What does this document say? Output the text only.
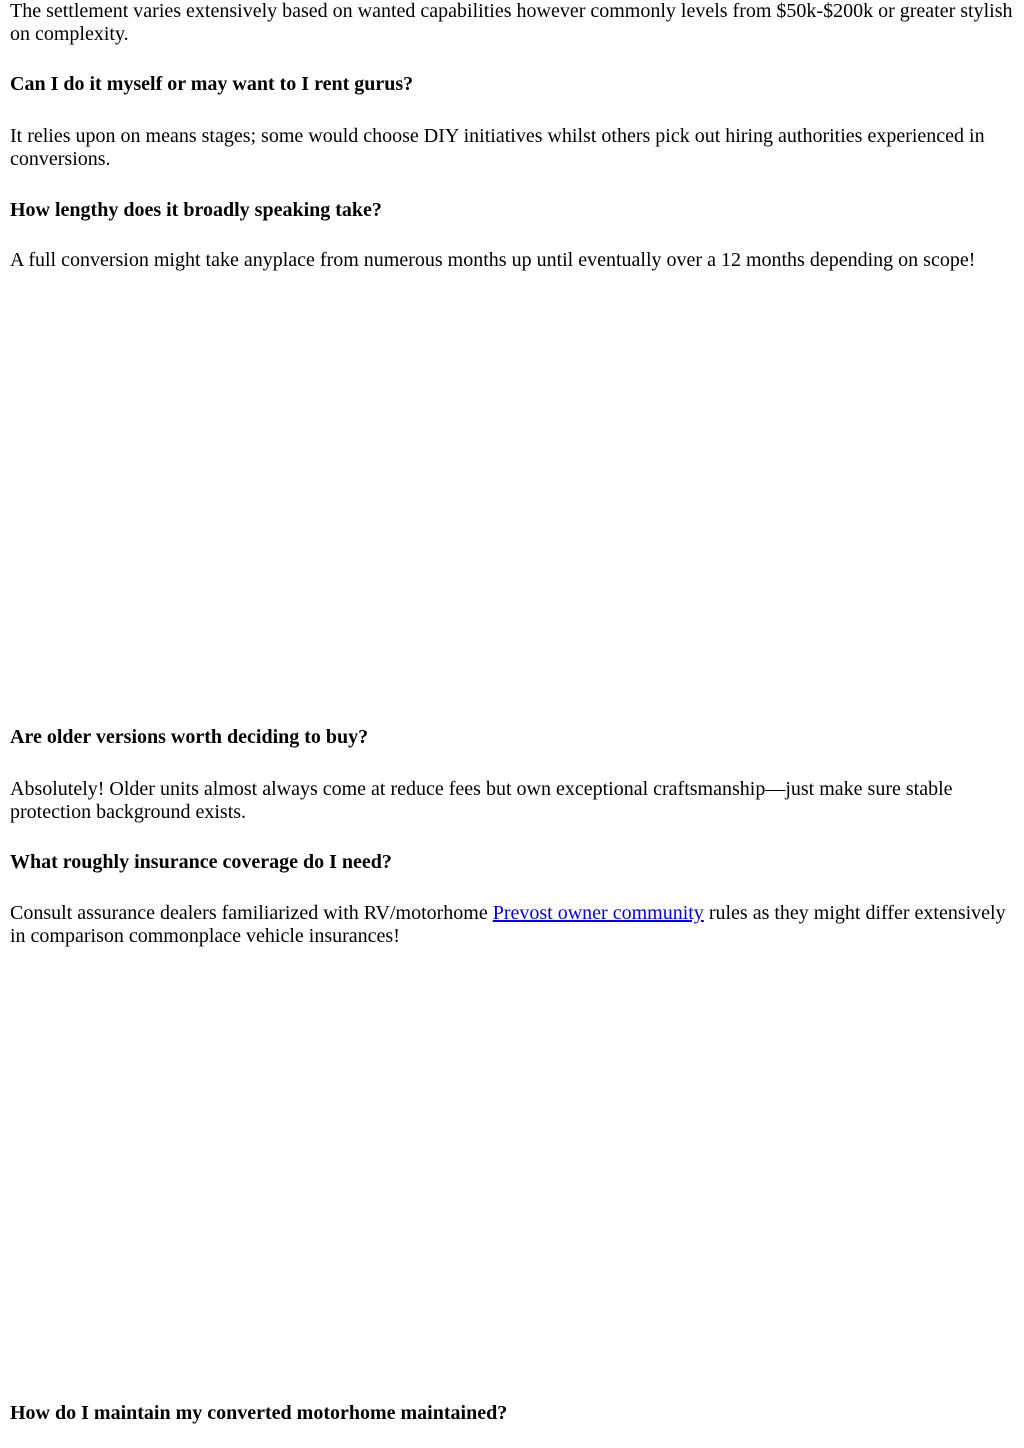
The settlement varies extensively based on wanted capabilities however commonly levels from $50k-$200k or greater stylish on complexity.

Can I do it myself or may want to I rent gurus?

It relies upon on means stages; some would choose DIY initiatives whilst others pick out hiring authorities experienced in conversions.

How lengthy does it broadly speaking take?

A full conversion might take anyplace from numerous months up until eventually over a 12 months depending on scope!

Are older versions worth deciding to buy?

Absolutely! Older units almost always come at reduce fees but own exceptional craftsmanship—just make sure stable protection background exists.

What roughly insurance coverage do I need?

Consult assurance dealers familiarized with RV/motorhome Prevost owner community rules as they might differ extensively in comparison commonplace vehicle insurances!

How do I maintain my converted motorhome maintained?
